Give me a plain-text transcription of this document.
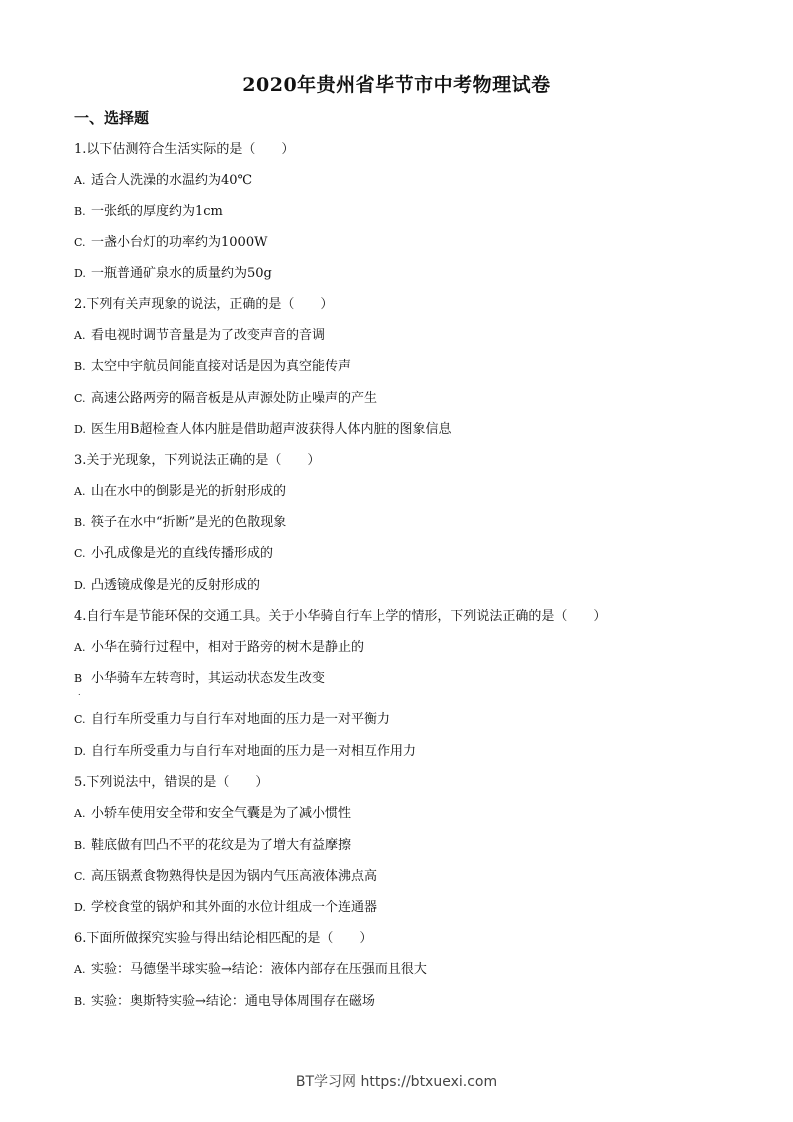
2020年贵州省毕节市中考物理试卷
一、选择题
1.以下估测符合生活实际的是（　　）
A. 适合人洗澡的水温约为40℃
B. 一张纸的厚度约为1cm
C. 一盏小台灯的功率约为1000W
D. 一瓶普通矿泉水的质量约为50g
2.下列有关声现象的说法，正确的是（　　）
A. 看电视时调节音量是为了改变声音的音调
B. 太空中宇航员间能直接对话是因为真空能传声
C. 高速公路两旁的隔音板是从声源处防止噪声的产生
D. 医生用B超检查人体内脏是借助超声波获得人体内脏的图象信息
3.关于光现象，下列说法正确的是（　　）
A. 山在水中的倒影是光的折射形成的
B. 筷子在水中“折断”是光的色散现象
C. 小孔成像是光的直线传播形成的
D. 凸透镜成像是光的反射形成的
4.自行车是节能环保的交通工具。关于小华骑自行车上学的情形，下列说法正确的是（　　）
A. 小华在骑行过程中，相对于路旁的树木是静止的
B 小华骑车左转弯时，其运动状态发生改变
.
C. 自行车所受重力与自行车对地面的压力是一对平衡力
D. 自行车所受重力与自行车对地面的压力是一对相互作用力
5.下列说法中，错误的是（　　）
A. 小轿车使用安全带和安全气囊是为了减小惯性
B. 鞋底做有凹凸不平的花纹是为了增大有益摩擦
C. 高压锅煮食物熟得快是因为锅内气压高液体沸点高
D. 学校食堂的锅炉和其外面的水位计组成一个连通器
6.下面所做探究实验与得出结论相匹配的是（　　）
A. 实验：马德堡半球实验→结论：液体内部存在压强而且很大
B. 实验：奥斯特实验→结论：通电导体周围存在磁场
BT学习网 https://btxuexi.com
